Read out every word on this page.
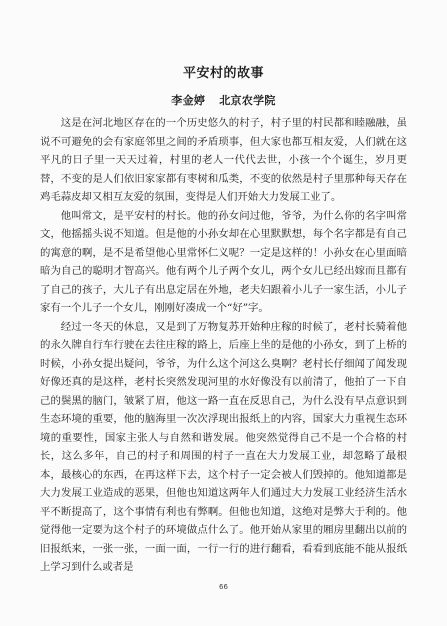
平安村的故事
李金婷 北京农学院

这是在河北地区存在的一个历史悠久的村子，村子里的村民都和睦融融，虽说不可避免的会有家庭邻里之间的矛盾琐事，但大家也都互相友爱，人们就在这平凡的日子里一天天过着，村里的老人一代代去世，小孩一个个诞生，岁月更替，不变的是人们依旧家家都有枣树和瓜类，不变的依然是村子里那种每天存在鸡毛蒜皮却又相互友爱的氛围，变得是人们开始大力发展工业了。

他叫常文，是平安村的村长。他的孙女问过他，爷爷，为什么你的名字叫常文，他摇摇头说不知道。但是他的小孙女却在心里默默想，每个名字都是有自己的寓意的啊，是不是希望他心里常怀仁义呢？一定是这样的！小孙女在心里面暗暗为自己的聪明才智高兴。他有两个儿子两个女儿，两个女儿已经出嫁而且都有了自己的孩子，大儿子有出息定居在外地，老夫妇跟着小儿子一家生活，小儿子家有一个儿子一个女儿，刚刚好凑成一个“好”字。

经过一冬天的休息，又是到了万物复苏开始种庄稼的时候了，老村长骑着他的永久牌自行车行驶在去往庄稼的路上，后座上坐的是他的小孙女，到了上桥的时候，小孙女提出疑问，爷爷，为什么这个河这么臭啊？老村长仔细闻了闻发现好像还真的是这样，老村长突然发现河里的水好像没有以前清了，他拍了一下自己的鬓黑的脑门，皱紧了眉，他这一路一直在反思自己，为什么没有早点意识到生态环境的重要，他的脑海里一次次浮现出报纸上的内容，国家大力重视生态环境的重要性，国家主张人与自然和谐发展。他突然觉得自己不是一个合格的村长，这么多年，自己的村子和周围的村子一直在大力发展工业，却忽略了最根本，最核心的东西，在再这样下去，这个村子一定会被人们毁掉的。他知道都是大力发展工业造成的恶果，但他也知道这两年人们通过大力发展工业经济生活水平不断提高了，这个事情有利也有弊啊。但他也知道，这绝对是弊大于利的。他觉得他一定要为这个村子的环境做点什么了。他开始从家里的厢房里翻出以前的旧报纸来，一张一张，一面一面，一行一行的进行翻看，看看到底能不能从报纸上学习到什么或者是

66
